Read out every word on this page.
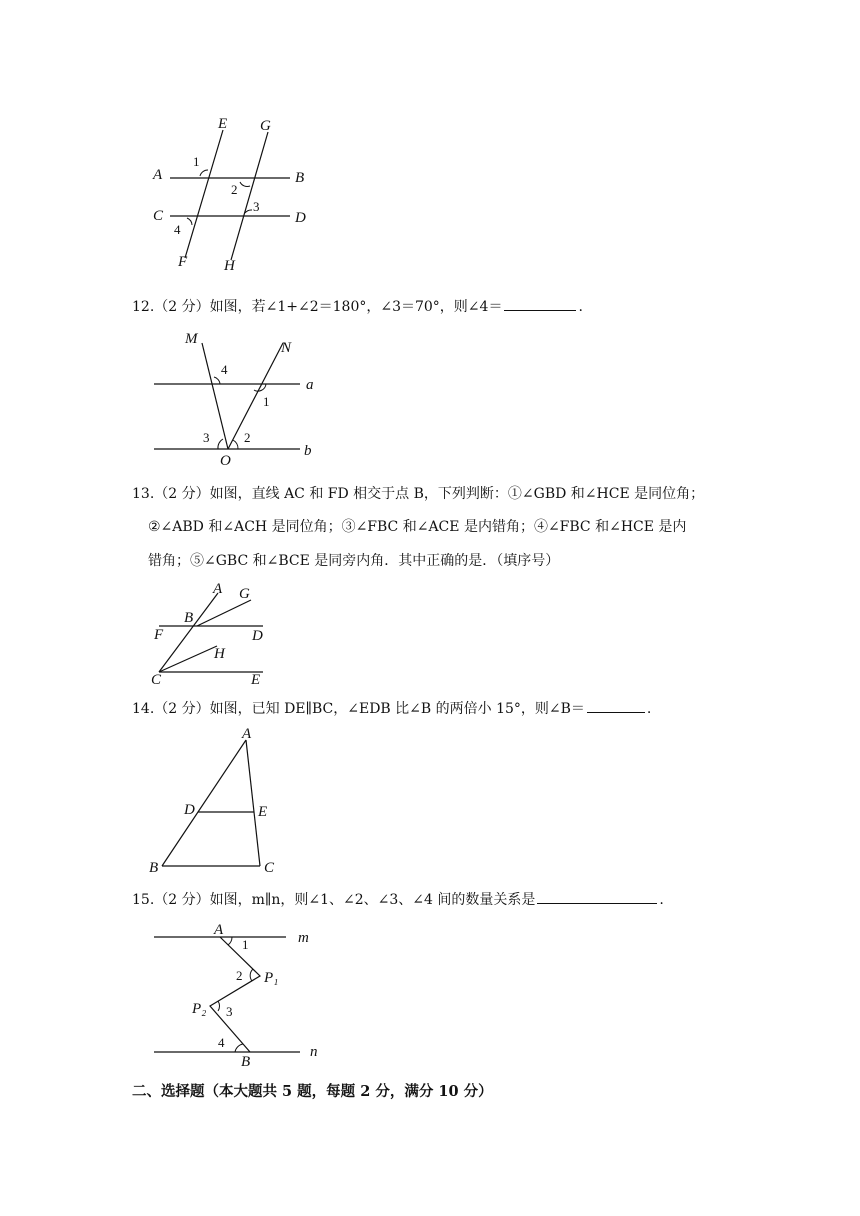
E G
A	B
C	D
F H
1
2
3
4
12.（2 分）如图，若∠1+∠2＝180°，∠3＝70°，则∠4＝	.
M
N
a
b
O
4
1
3	2
13.（2 分）如图，直线 AC 和 FD 相交于点 B，下列判断：①∠GBD 和∠HCE 是同位角；
②∠ABD 和∠ACH 是同位角；③∠FBC 和∠ACE 是内错角；④∠FBC 和∠HCE 是内
错角；⑤∠GBC 和∠BCE 是同旁内角．其中正确的是．（填序号）
A G
B
F	D
H
C	E
14.（2 分）如图，已知 DE∥BC，∠EDB 比∠B 的两倍小 15°，则∠B＝	.
A
D	E
B	C
15.（2 分）如图，m∥n，则∠1、∠2、∠3、∠4 间的数量关系是	.
A	m
1
2 P₁
P₂ 3
4
B
n
二、选择题（本大题共 5 题，每题 2 分，满分 10 分）
